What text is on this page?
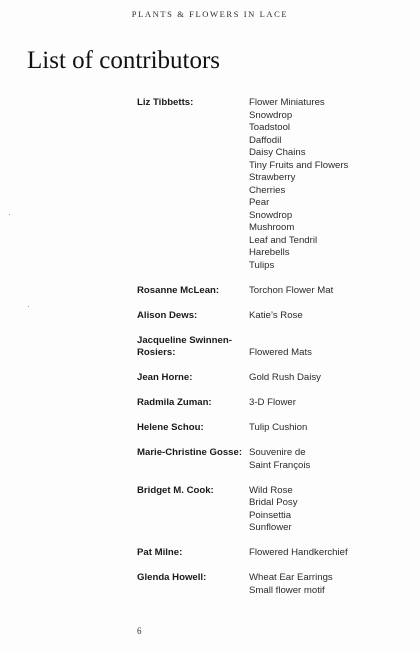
PLANTS & FLOWERS IN LACE
List of contributors
Liz Tibbetts:	Flower Miniatures
Snowdrop
Toadstool
Daffodil
Daisy Chains
Tiny Fruits and Flowers
Strawberry
Cherries
Pear
Snowdrop
Mushroom
Leaf and Tendril
Harebells
Tulips
Rosanne McLean:	Torchon Flower Mat
Alison Dews:	Katie’s Rose
Jacqueline Swinnen-Rosiers:	Flowered Mats
Jean Horne:	Gold Rush Daisy
Radmila Zuman:	3-D Flower
Helene Schou:	Tulip Cushion
Marie-Christine Gosse: Souvenire de
Saint François
Bridget M. Cook:	Wild Rose
Bridal Posy
Poinsettia
Sunflower
Pat Milne:	Flowered Handkerchief
Glenda Howell:	Wheat Ear Earrings
Small flower motif
6
